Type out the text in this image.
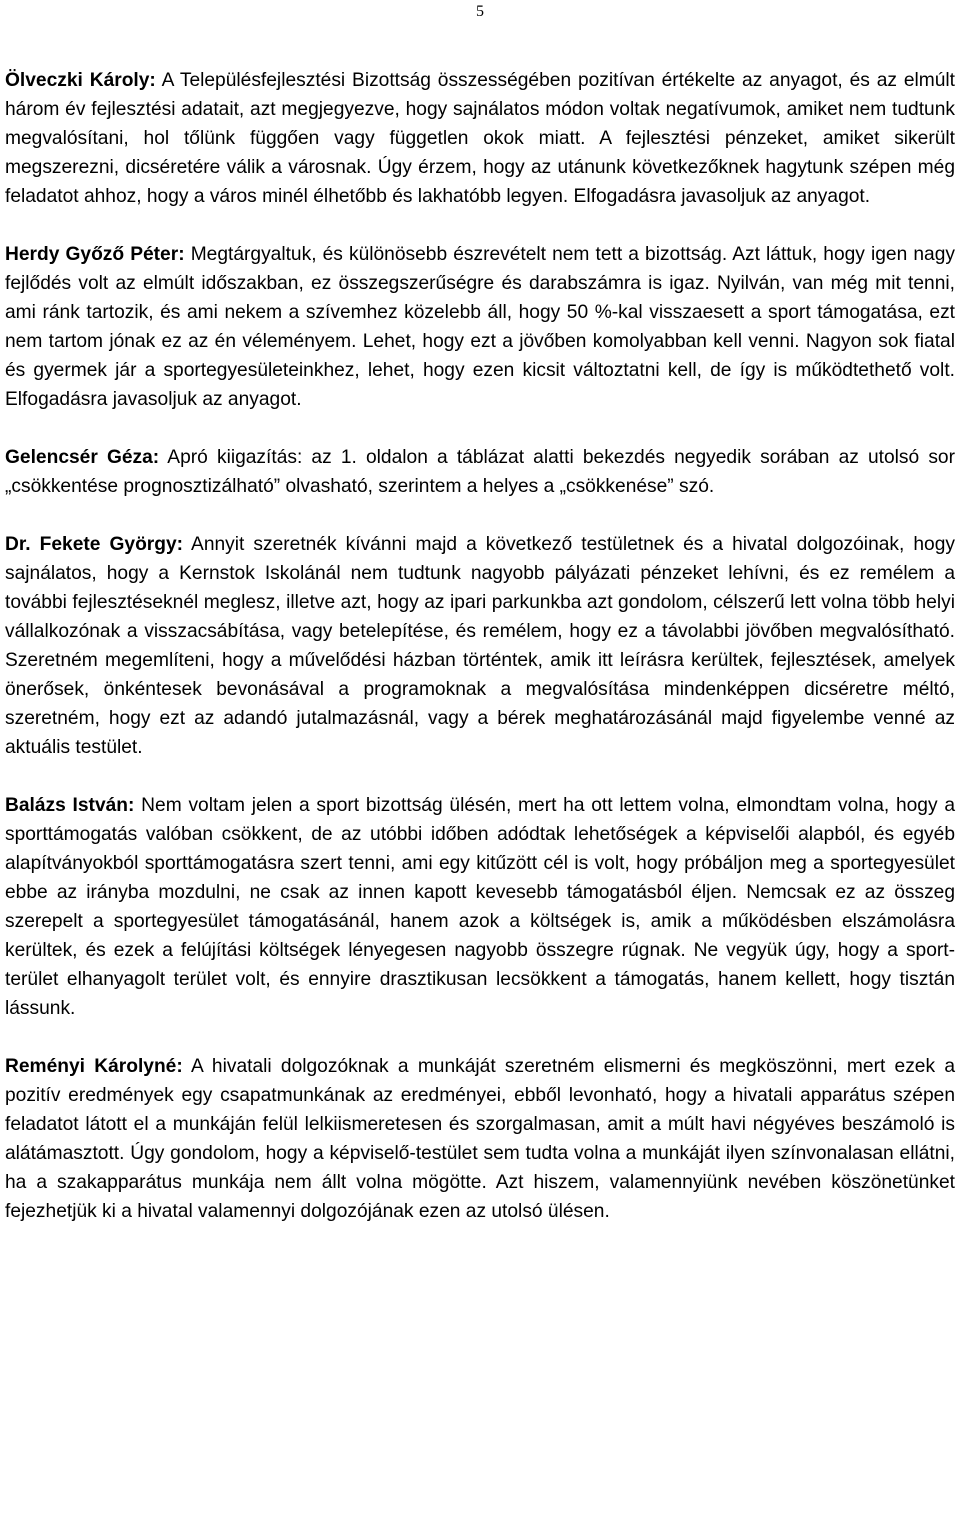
5

Ölveczki Károly: A Településfejlesztési Bizottság összességében pozitívan értékelte az anyagot, és az elmúlt három év fejlesztési adatait, azt megjegyezve, hogy sajnálatos módon voltak negatívumok, amiket nem tudtunk megvalósítani, hol tőlünk függően vagy független okok miatt. A fejlesztési pénzeket, amiket sikerült megszerezni, dicséretére válik a városnak. Úgy érzem, hogy az utánunk következőknek hagytunk szépen még feladatot ahhoz, hogy a város minél élhetőbb és lakhatóbb legyen. Elfogadásra javasoljuk az anyagot.

Herdy Győző Péter: Megtárgyaltuk, és különösebb észrevételt nem tett a bizottság. Azt láttuk, hogy igen nagy fejlődés volt az elmúlt időszakban, ez összegszerűségre és darabszámra is igaz. Nyilván, van még mit tenni, ami ránk tartozik, és ami nekem a szívemhez közelebb áll, hogy 50 %-kal visszaesett a sport támogatása, ezt nem tartom jónak ez az én véleményem. Lehet, hogy ezt a jövőben komolyabban kell venni. Nagyon sok fiatal és gyermek jár a sportegyesületeinkhez, lehet, hogy ezen kicsit változtatni kell, de így is működtethető volt. Elfogadásra javasoljuk az anyagot.

Gelencsér Géza: Apró kiigazítás: az 1. oldalon a táblázat alatti bekezdés negyedik sorában az utolsó sor „csökkentése prognosztizálható” olvasható, szerintem a helyes a „csökkenése” szó.

Dr. Fekete György: Annyit szeretnék kívánni majd a következő testületnek és a hivatal dolgozóinak, hogy sajnálatos, hogy a Kernstok Iskolánál nem tudtunk nagyobb pályázati pénzeket lehívni, és ez remélem a további fejlesztéseknél meglesz, illetve azt, hogy az ipari parkunkba azt gondolom, célszerű lett volna több helyi vállalkozónak a visszacsábítása, vagy betelepítése, és remélem, hogy ez a távolabbi jövőben megvalósítható. Szeretném megemlíteni, hogy a művelődési házban történtek, amik itt leírásra kerültek, fejlesztések, amelyek önerősek, önkéntesek bevonásával a programoknak a megvalósítása mindenképpen dicséretre méltó, szeretném, hogy ezt az adandó jutalmazásnál, vagy a bérek meghatározásánál majd figyelembe venné az aktuális testület.

Balázs István: Nem voltam jelen a sport bizottság ülésén, mert ha ott lettem volna, elmondtam volna, hogy a sporttámogatás valóban csökkent, de az utóbbi időben adódtak lehetőségek a képviselői alapból, és egyéb alapítványokból sporttámogatásra szert tenni, ami egy kitűzött cél is volt, hogy próbáljon meg a sportegyesület ebbe az irányba mozdulni, ne csak az innen kapott kevesebb támogatásból éljen. Nemcsak ez az összeg szerepelt a sportegyesület támogatásánál, hanem azok a költségek is, amik a működésben elszámolásra kerültek, és ezek a felújítási költségek lényegesen nagyobb összegre rúgnak. Ne vegyük úgy, hogy a sport-terület elhanyagolt terület volt, és ennyire drasztikusan lecsökkent a támogatás, hanem kellett, hogy tisztán lássunk.

Reményi Károlyné: A hivatali dolgozóknak a munkáját szeretném elismerni és megköszönni, mert ezek a pozitív eredmények egy csapatmunkának az eredményei, ebből levonható, hogy a hivatali apparátus szépen feladatot látott el a munkáján felül lelkiismeretesen és szorgalmasan, amit a múlt havi négyéves beszámoló is alátámasztott. Úgy gondolom, hogy a képviselő-testület sem tudta volna a munkáját ilyen színvonalasan ellátni, ha a szakapparátus munkája nem állt volna mögötte. Azt hiszem, valamennyiünk nevében köszönetünket fejezhetjük ki a hivatal valamennyi dolgozójának ezen az utolsó ülésen.
